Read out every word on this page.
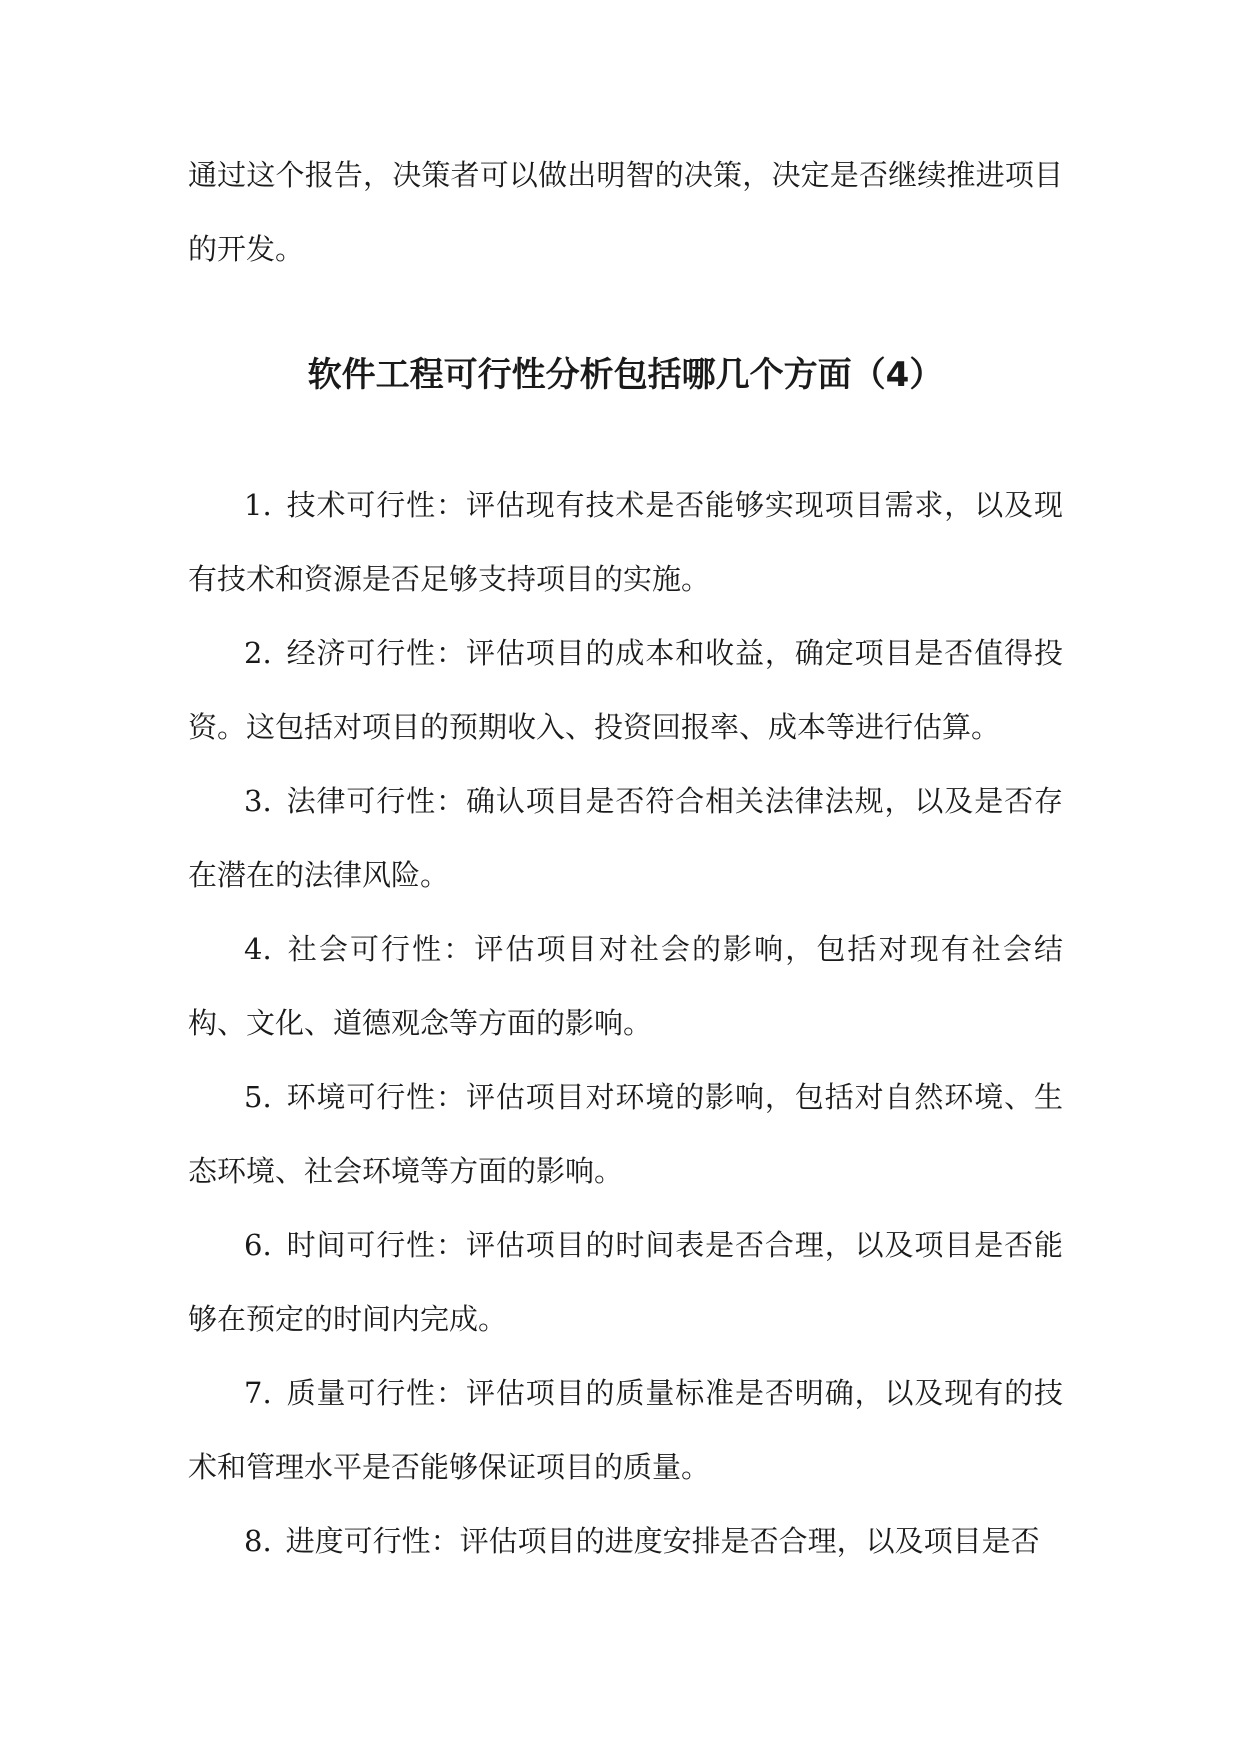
通过这个报告，决策者可以做出明智的决策，决定是否继续推进项目的开发。

软件工程可行性分析包括哪几个方面（4）

1. 技术可行性：评估现有技术是否能够实现项目需求，以及现有技术和资源是否足够支持项目的实施。

2. 经济可行性：评估项目的成本和收益，确定项目是否值得投资。这包括对项目的预期收入、投资回报率、成本等进行估算。

3. 法律可行性：确认项目是否符合相关法律法规，以及是否存在潜在的法律风险。

4. 社会可行性：评估项目对社会的影响，包括对现有社会结构、文化、道德观念等方面的影响。

5. 环境可行性：评估项目对环境的影响，包括对自然环境、生态环境、社会环境等方面的影响。

6. 时间可行性：评估项目的时间表是否合理，以及项目是否能够在预定的时间内完成。

7. 质量可行性：评估项目的质量标准是否明确，以及现有的技术和管理水平是否能够保证项目的质量。

8. 进度可行性：评估项目的进度安排是否合理，以及项目是否
